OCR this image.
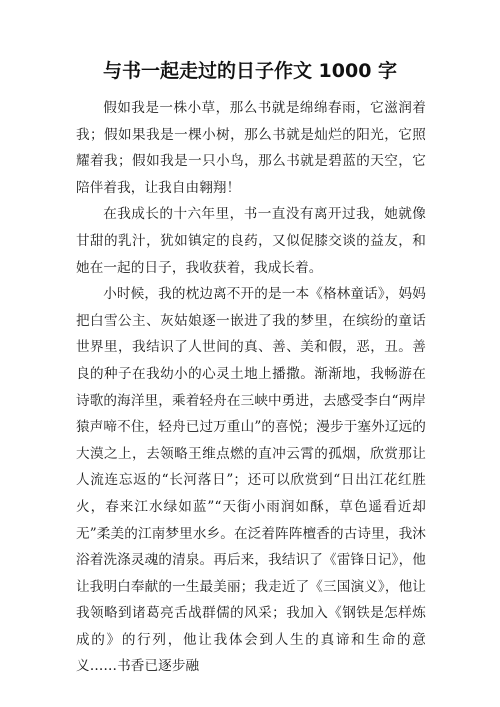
与书一起走过的日子作文 1000 字

假如我是一株小草，那么书就是绵绵春雨，它滋润着我；假如果我是一棵小树，那么书就是灿烂的阳光，它照耀着我；假如我是一只小鸟，那么书就是碧蓝的天空，它陪伴着我，让我自由翱翔！

在我成长的十六年里，书一直没有离开过我，她就像甘甜的乳汁，犹如镇定的良药，又似促膝交谈的益友，和她在一起的日子，我收获着，我成长着。

小时候，我的枕边离不开的是一本《格林童话》，妈妈把白雪公主、灰姑娘逐一嵌进了我的梦里，在缤纷的童话世界里，我结识了人世间的真、善、美和假，恶，丑。善良的种子在我幼小的心灵土地上播撒。渐渐地，我畅游在诗歌的海洋里，乘着轻舟在三峡中勇进，去感受李白“两岸猿声啼不住，轻舟已过万重山”的喜悦；漫步于塞外辽远的大漠之上，去领略王维点燃的直冲云霄的孤烟，欣赏那让人流连忘返的“长河落日”；还可以欣赏到“日出江花红胜火，春来江水绿如蓝”“天街小雨润如酥，草色遥看近却无”柔美的江南梦里水乡。在泛着阵阵檀香的古诗里，我沐浴着洗涤灵魂的清泉。再后来，我结识了《雷锋日记》，他让我明白奉献的一生最美丽；我走近了《三国演义》，他让我领略到诸葛亮舌战群儒的风采；我加入《钢铁是怎样炼成的》的行列，他让我体会到人生的真谛和生命的意义……书香已逐步融
